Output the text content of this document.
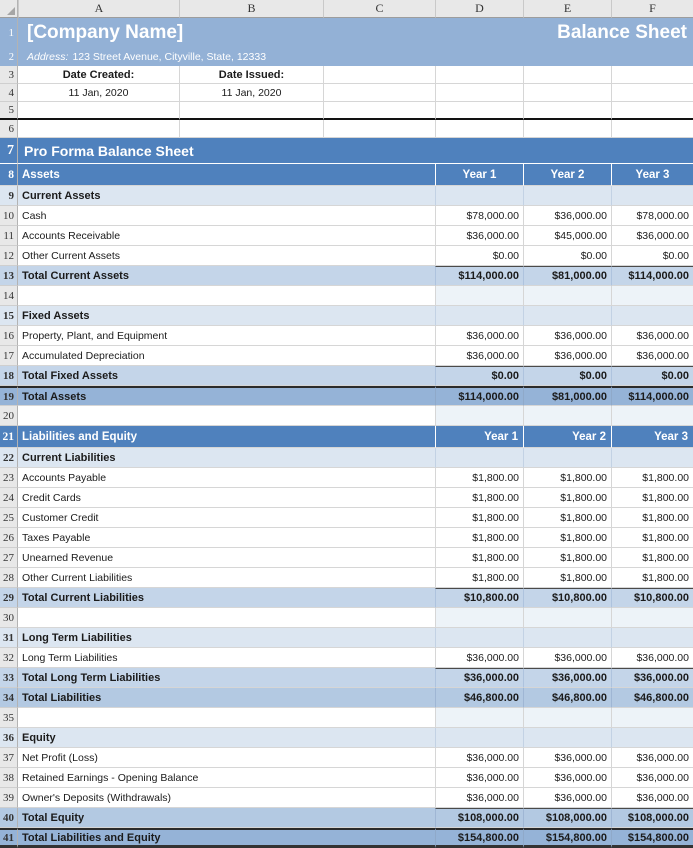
A	B	C	D	E	F
1 [Company Name]	Balance Sheet
2	Address: 123 Street Avenue, Cityville, State, 12333
3	Date Created:	Date Issued:
4	11 Jan, 2020	11 Jan, 2020
5
6
7 Pro Forma Balance Sheet
8 Assets	Year 1	Year 2	Year 3
9 Current Assets
10 Cash	$78,000.00	$36,000.00	$78,000.00
11 Accounts Receivable	$36,000.00	$45,000.00	$36,000.00
12 Other Current Assets	$0.00	$0.00	$0.00
13 Total Current Assets	$114,000.00	$81,000.00	$114,000.00
14
15 Fixed Assets
16 Property, Plant, and Equipment	$36,000.00	$36,000.00	$36,000.00
17 Accumulated Depreciation	$36,000.00	$36,000.00	$36,000.00
18 Total Fixed Assets	$0.00	$0.00	$0.00
19 Total Assets	$114,000.00	$81,000.00	$114,000.00
20
21 Liabilities and Equity	Year 1	Year 2	Year 3
22 Current Liabilities
23 Accounts Payable	$1,800.00	$1,800.00	$1,800.00
24 Credit Cards	$1,800.00	$1,800.00	$1,800.00
25 Customer Credit	$1,800.00	$1,800.00	$1,800.00
26 Taxes Payable	$1,800.00	$1,800.00	$1,800.00
27 Unearned Revenue	$1,800.00	$1,800.00	$1,800.00
28 Other Current Liabilities	$1,800.00	$1,800.00	$1,800.00
29 Total Current Liabilities	$10,800.00	$10,800.00	$10,800.00
30
31 Long Term Liabilities
32 Long Term Liabilities	$36,000.00	$36,000.00	$36,000.00
33 Total Long Term Liabilities	$36,000.00	$36,000.00	$36,000.00
34 Total Liabilities	$46,800.00	$46,800.00	$46,800.00
35
36 Equity
37 Net Profit (Loss)	$36,000.00	$36,000.00	$36,000.00
38 Retained Earnings - Opening Balance	$36,000.00	$36,000.00	$36,000.00
39 Owner's Deposits (Withdrawals)	$36,000.00	$36,000.00	$36,000.00
40 Total Equity	$108,000.00	$108,000.00	$108,000.00
41 Total Liabilities and Equity	$154,800.00	$154,800.00	$154,800.00
